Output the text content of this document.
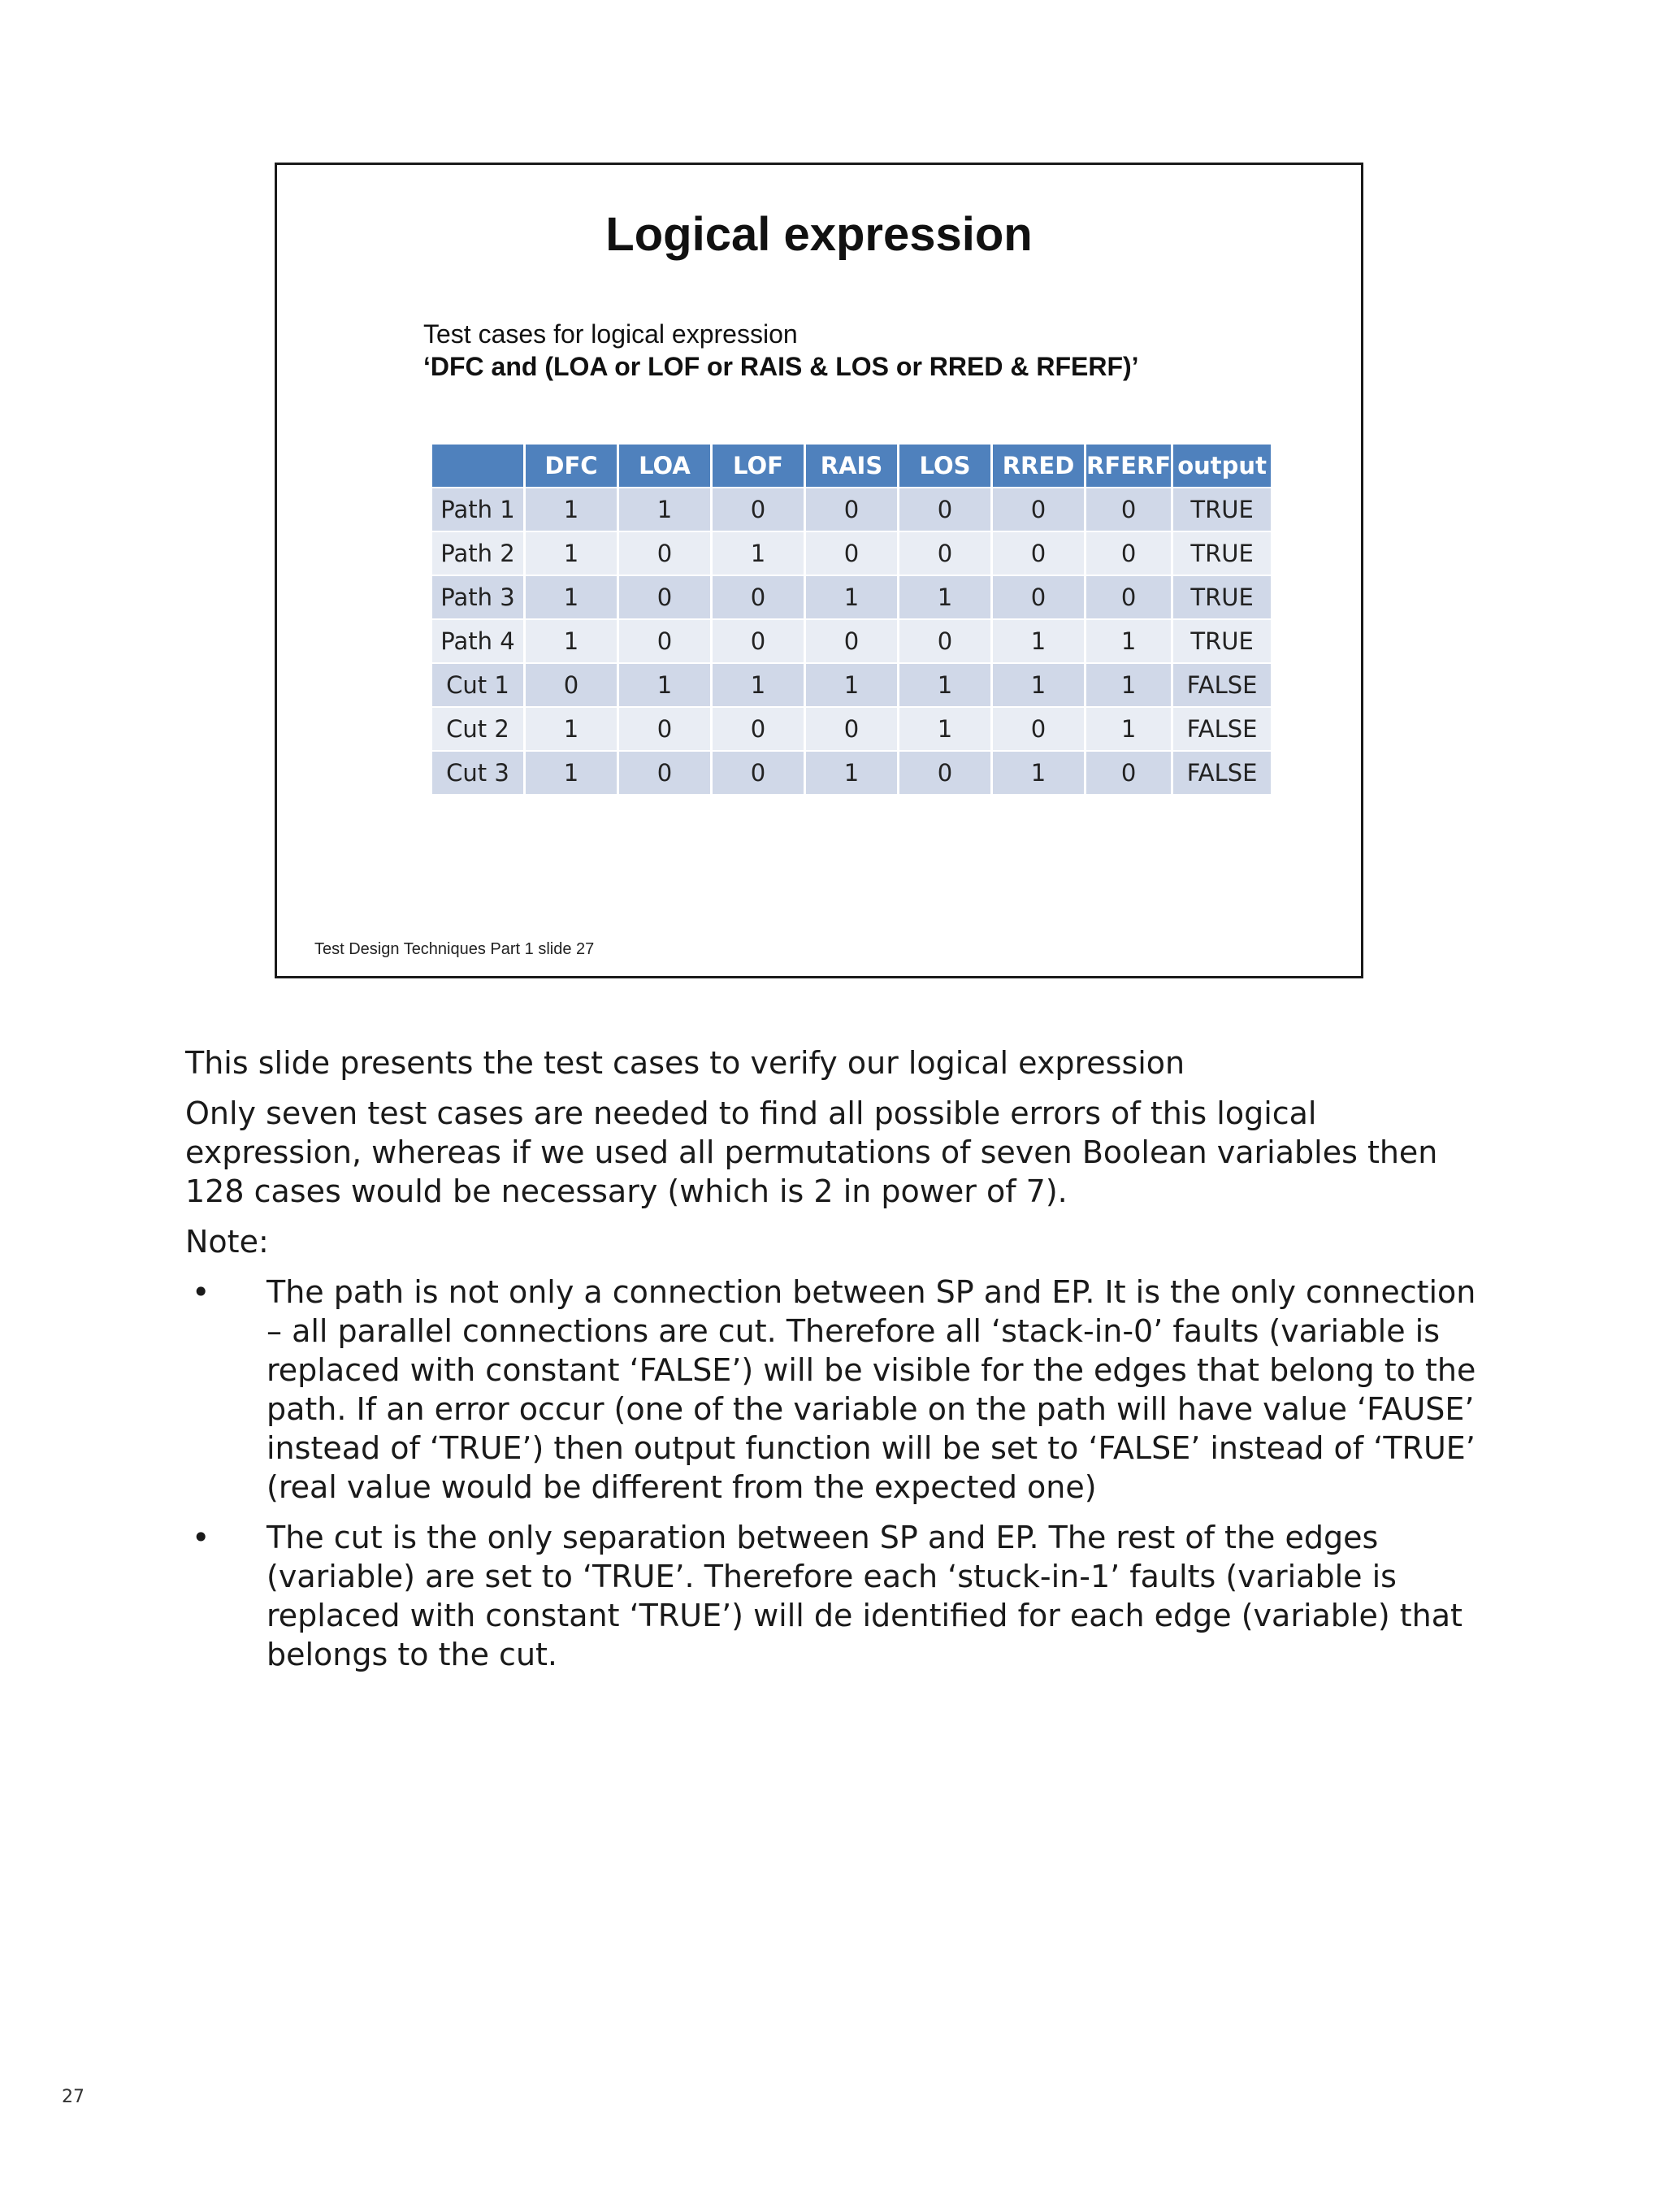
Logical expression
Test cases for logical expression
‘DFC and (LOA or LOF or RAIS & LOS or RRED & RFERF)’
	DFC	LOA	LOF	RAIS	LOS	RRED	RFERF	output
Path 1	1	1	0	0	0	0	0	TRUE
Path 2	1	0	1	0	0	0	0	TRUE
Path 3	1	0	0	1	1	0	0	TRUE
Path 4	1	0	0	0	0	1	1	TRUE
Cut 1	0	1	1	1	1	1	1	FALSE
Cut 2	1	0	0	0	1	0	1	FALSE
Cut 3	1	0	0	1	0	1	0	FALSE
Test Design Techniques Part 1 slide 27

This slide presents the test cases to verify our logical expression

Only seven test cases are needed to find all possible errors of this logical expression, whereas if we used all permutations of seven Boolean variables then 128 cases would be necessary (which is 2 in power of 7).

Note:

• The path is not only a connection between SP and EP. It is the only connection – all parallel connections are cut. Therefore all ‘stack-in-0’ faults (variable is replaced with constant ‘FALSE’) will be visible for the edges that belong to the path. If an error occur (one of the variable on the path will have value ‘FAUSE’ instead of ‘TRUE’) then output function will be set to ‘FALSE’ instead of ‘TRUE’ (real value would be different from the expected one)
• The cut is the only separation between SP and EP. The rest of the edges (variable) are set to ‘TRUE’. Therefore each ‘stuck-in-1’ faults (variable is replaced with constant ‘TRUE’) will de identified for each edge (variable) that belongs to the cut.
27
